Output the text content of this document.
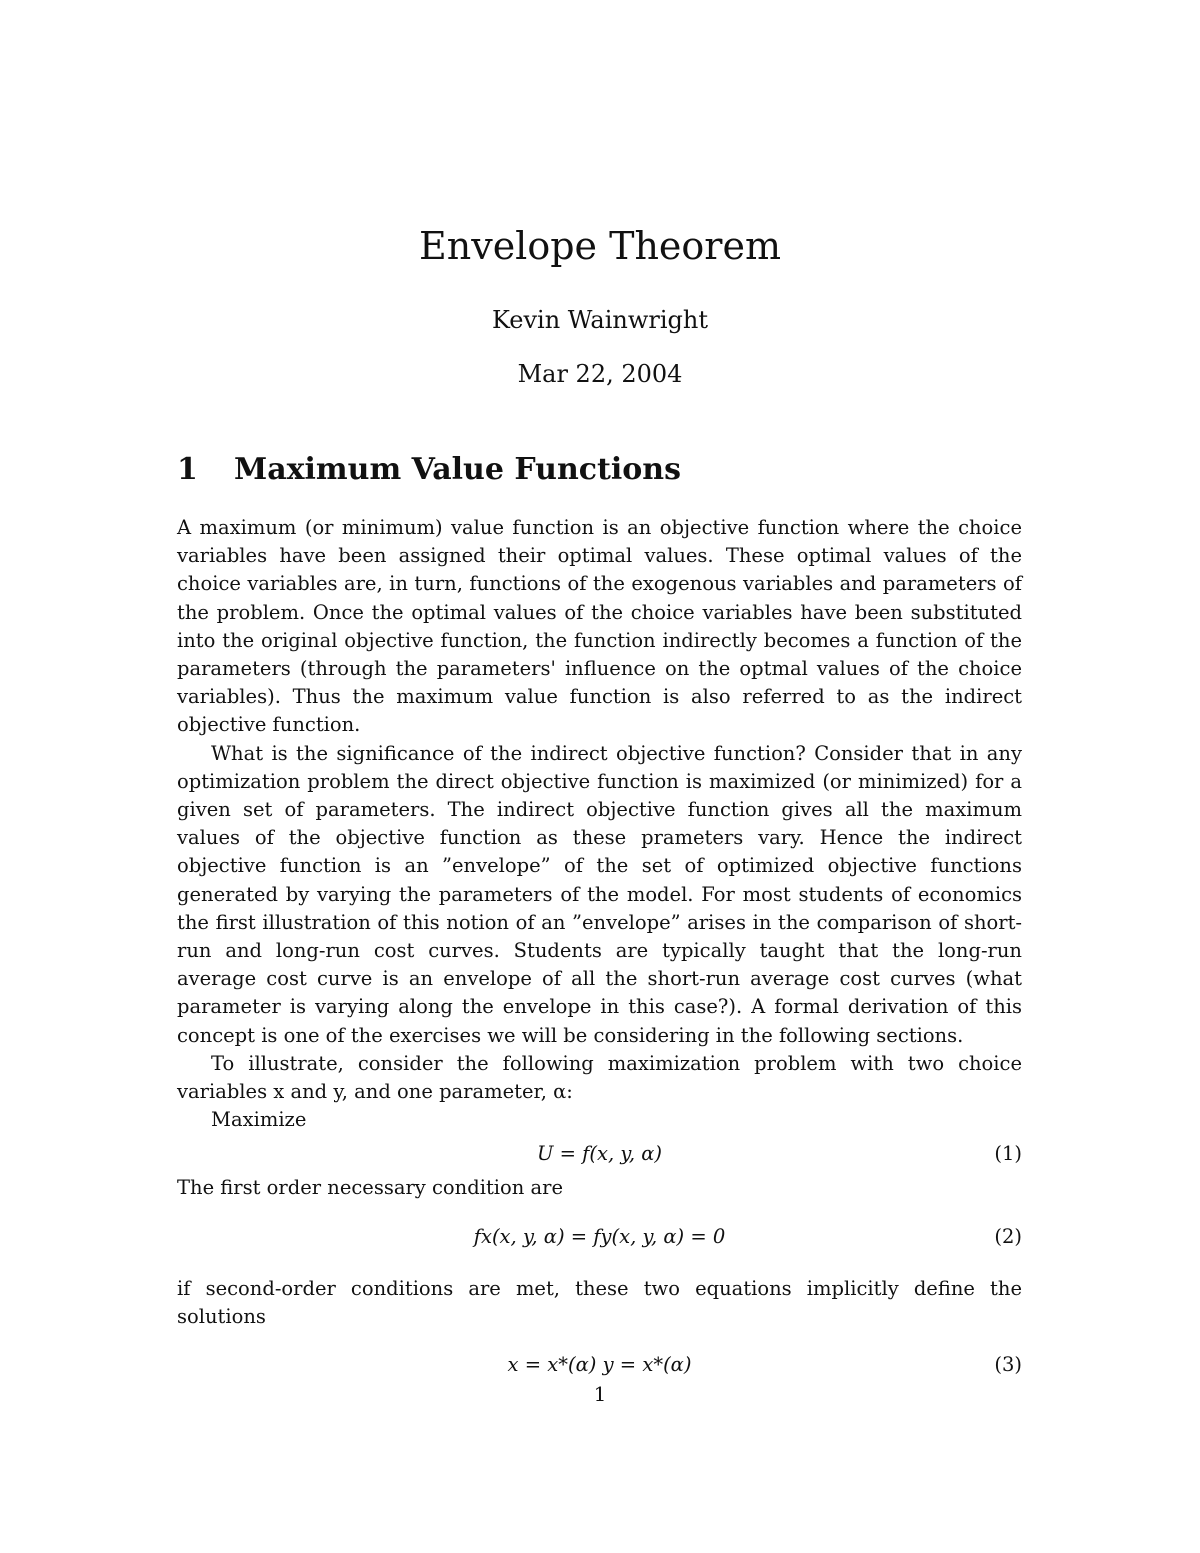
Envelope Theorem
Kevin Wainwright
Mar 22, 2004
1 Maximum Value Functions

A maximum (or minimum) value function is an objective function where the choice variables have been assigned their optimal values. These optimal values of the choice variables are, in turn, functions of the exogenous variables and parameters of the problem. Once the optimal values of the choice variables have been substituted into the original objective function, the function indirectly becomes a function of the parameters (through the parameters' influence on the optmal values of the choice variables). Thus the maximum value function is also referred to as the indirect objective function.

What is the significance of the indirect objective function? Consider that in any optimization problem the direct objective function is maximized (or minimized) for a given set of parameters. The indirect objective function gives all the maximum values of the objective function as these prameters vary. Hence the indirect objective function is an ”envelope” of the set of optimized objective functions generated by varying the parameters of the model. For most students of economics the first illustration of this notion of an ”envelope” arises in the comparison of short-run and long-run cost curves. Students are typically taught that the long-run average cost curve is an envelope of all the short-run average cost curves (what parameter is varying along the envelope in this case?). A formal derivation of this concept is one of the exercises we will be considering in the following sections.

To illustrate, consider the following maximization problem with two choice variables x and y, and one parameter, α:

Maximize

U = f(x, y, α)	(1)

The first order necessary condition are

fx(x, y, α) = fy(x, y, α) = 0	(2)

if second-order conditions are met, these two equations implicitly define the solutions

x = x*(α) y = x*(α)	(3)
1
